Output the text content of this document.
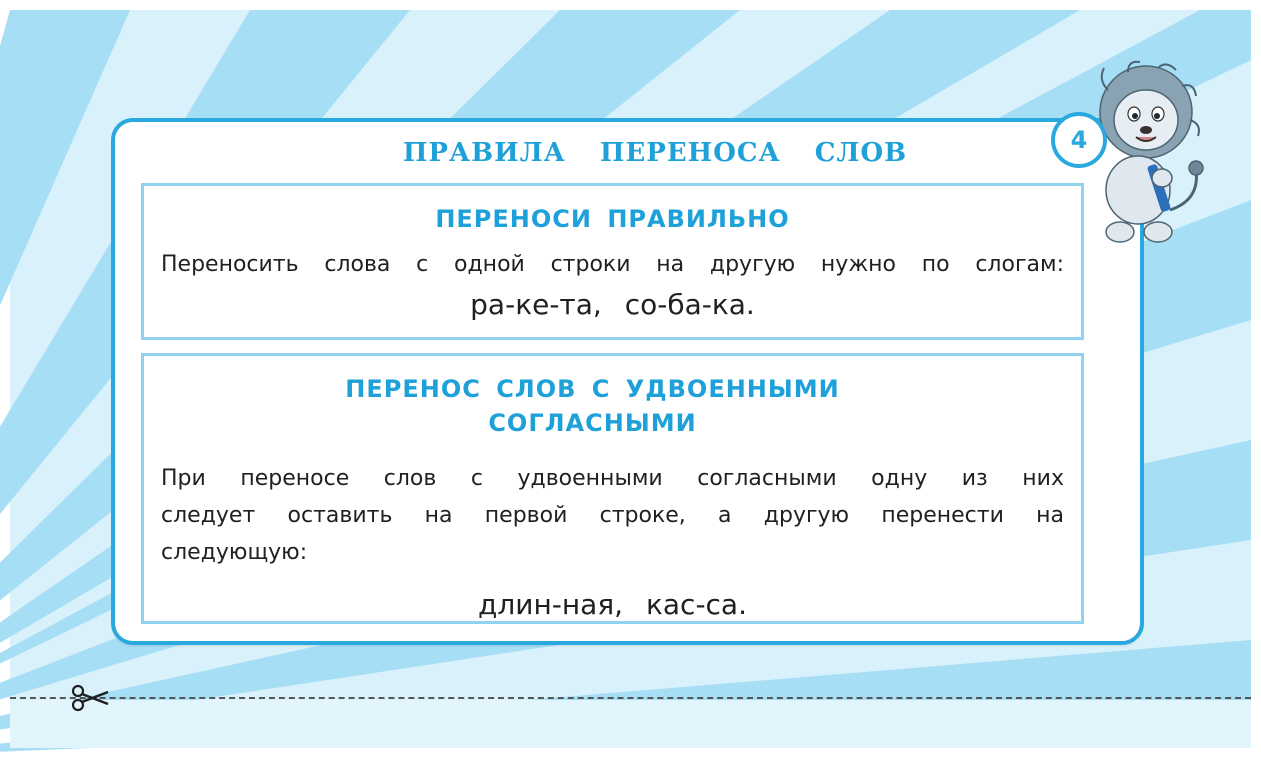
ПРАВИЛА ПЕРЕНОСА СЛОВ
ПЕРЕНОСИ ПРАВИЛЬНО
Переносить слова с одной строки на другую нужно по слогам:
ра-ке-та, со-ба-ка.
ПЕРЕНОС СЛОВ С УДВОЕННЫМИ
СОГЛАСНЫМИ
При переносе слов с удвоенными согласными одну из них
следует оставить на первой строке, а другую перенести на
следующую:
длин-ная, кас-са.
4
